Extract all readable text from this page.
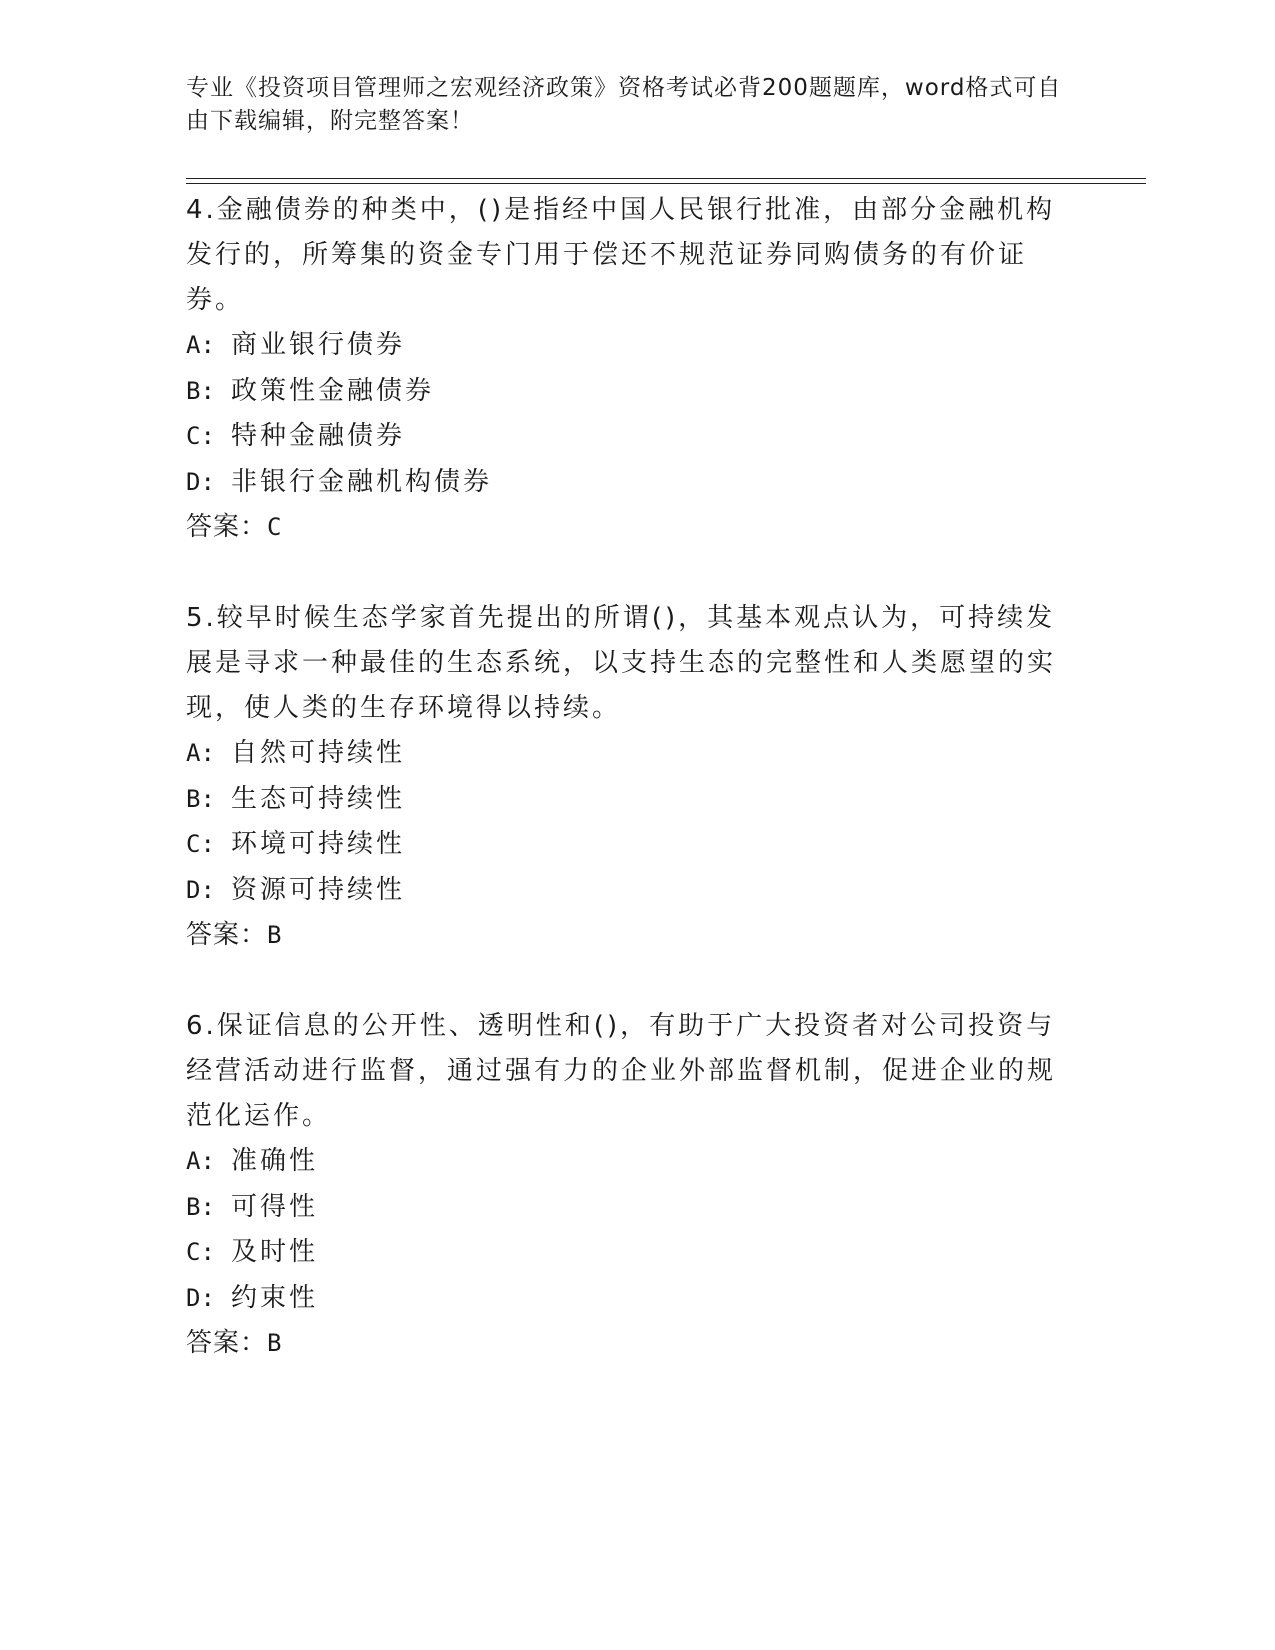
专业《投资项目管理师之宏观经济政策》资格考试必背200题题库，word格式可自由下载编辑，附完整答案！

4.金融债券的种类中，()是指经中国人民银行批准，由部分金融机构发行的，所筹集的资金专门用于偿还不规范证券同购债务的有价证券。

A: 商业银行债券

B: 政策性金融债券

C: 特种金融债券

D: 非银行金融机构债券

答案：C

5.较早时候生态学家首先提出的所谓()，其基本观点认为，可持续发展是寻求一种最佳的生态系统，以支持生态的完整性和人类愿望的实现，使人类的生存环境得以持续。

A: 自然可持续性

B: 生态可持续性

C: 环境可持续性

D: 资源可持续性

答案：B

6.保证信息的公开性、透明性和()，有助于广大投资者对公司投资与经营活动进行监督，通过强有力的企业外部监督机制，促进企业的规范化运作。

A: 准确性

B: 可得性

C: 及时性

D: 约束性

答案：B
